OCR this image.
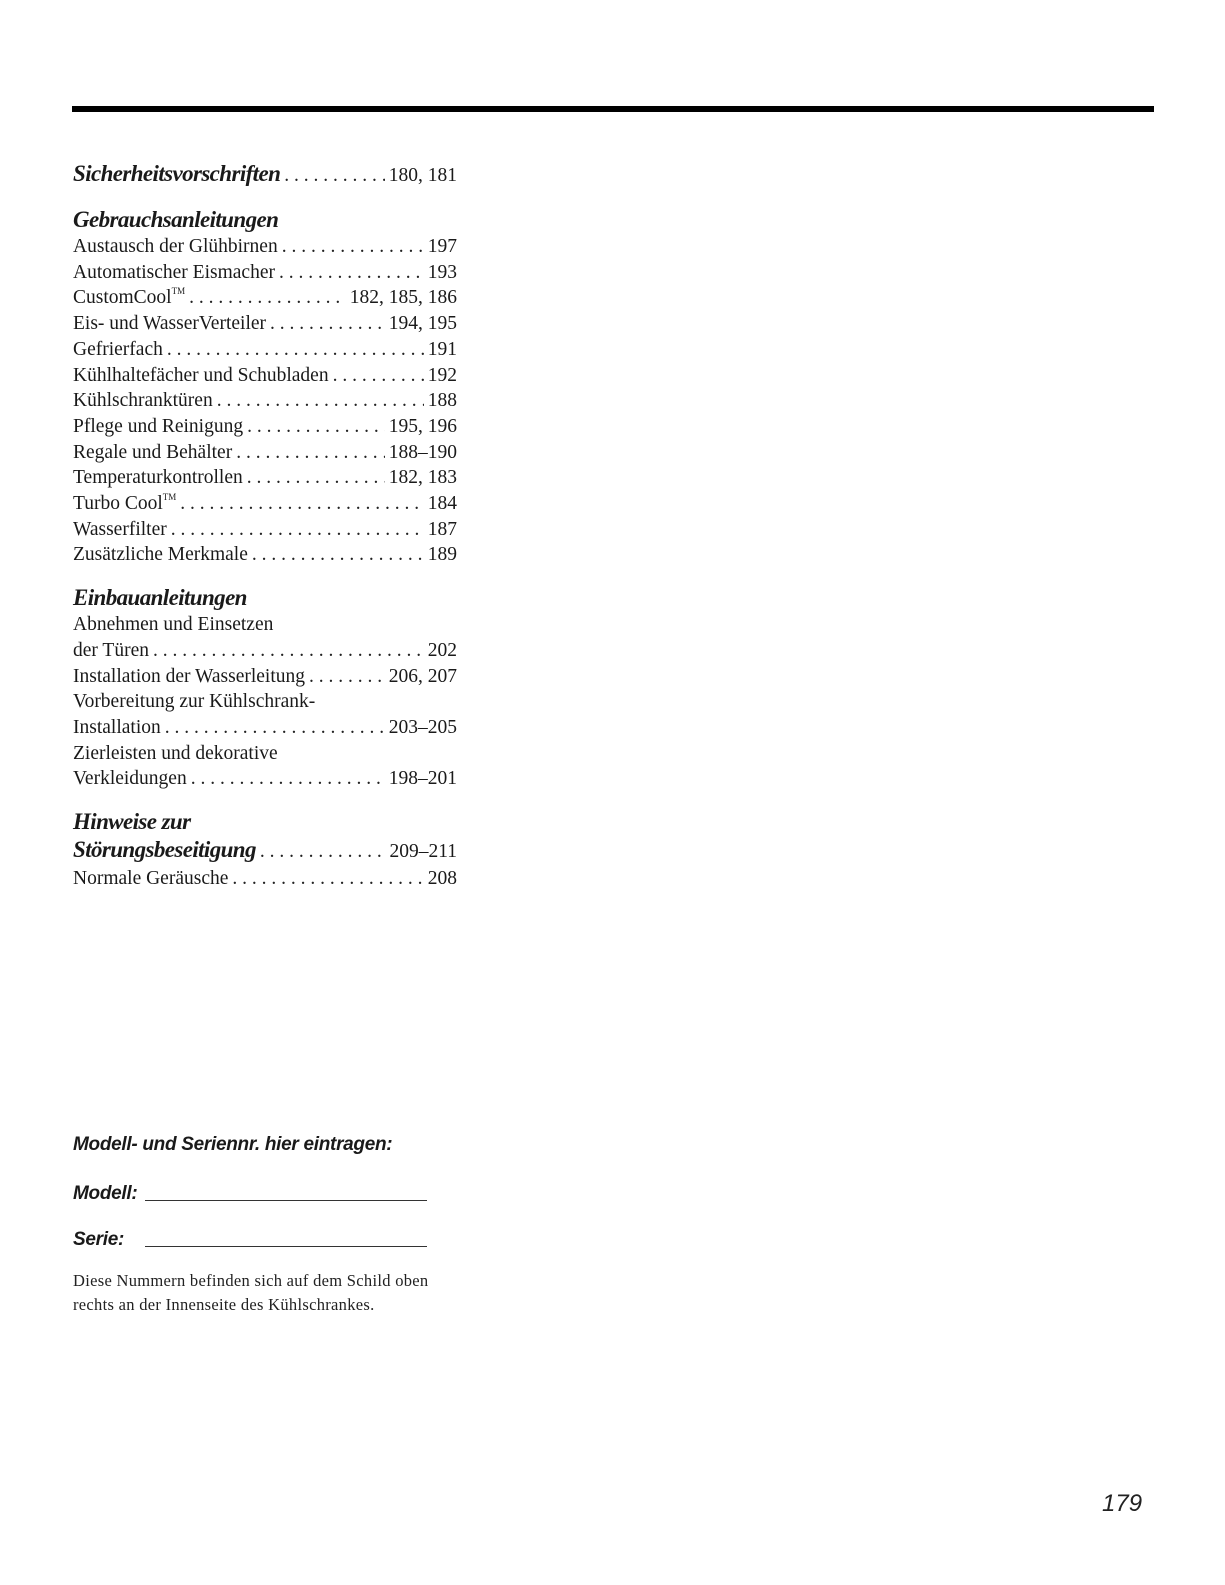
Sicherheitsvorschriften . . .	180, 181
Gebrauchsanleitungen
Austausch der Glühbirnen . . .	197
Automatischer Eismacher . . .	193
CustomCool™ . . .	182, 185, 186
Eis- und WasserVerteiler . . .	194, 195
Gefrierfach . . .	191
Kühlhaltefächer und Schubladen . . .	192
Kühlschranktüren . . .	188
Pflege und Reinigung . . .	195, 196
Regale und Behälter . . .	188–190
Temperaturkontrollen . . .	182, 183
Turbo Cool™ . . .	184
Wasserfilter . . .	187
Zusätzliche Merkmale . . .	189
Einbauanleitungen
Abnehmen und Einsetzen
der Türen . . .	202
Installation der Wasserleitung . . .	206, 207
Vorbereitung zur Kühlschrank-
Installation . . .	203–205
Zierleisten und dekorative
Verkleidungen . . .	198–201
Hinweise zur
Störungsbeseitigung . . .	209–211
Normale Geräusche . . .	208
Modell- und Seriennr. hier eintragen:
Modell:
Serie:
Diese Nummern befinden sich auf dem Schild oben rechts an der Innenseite des Kühlschrankes.
179
